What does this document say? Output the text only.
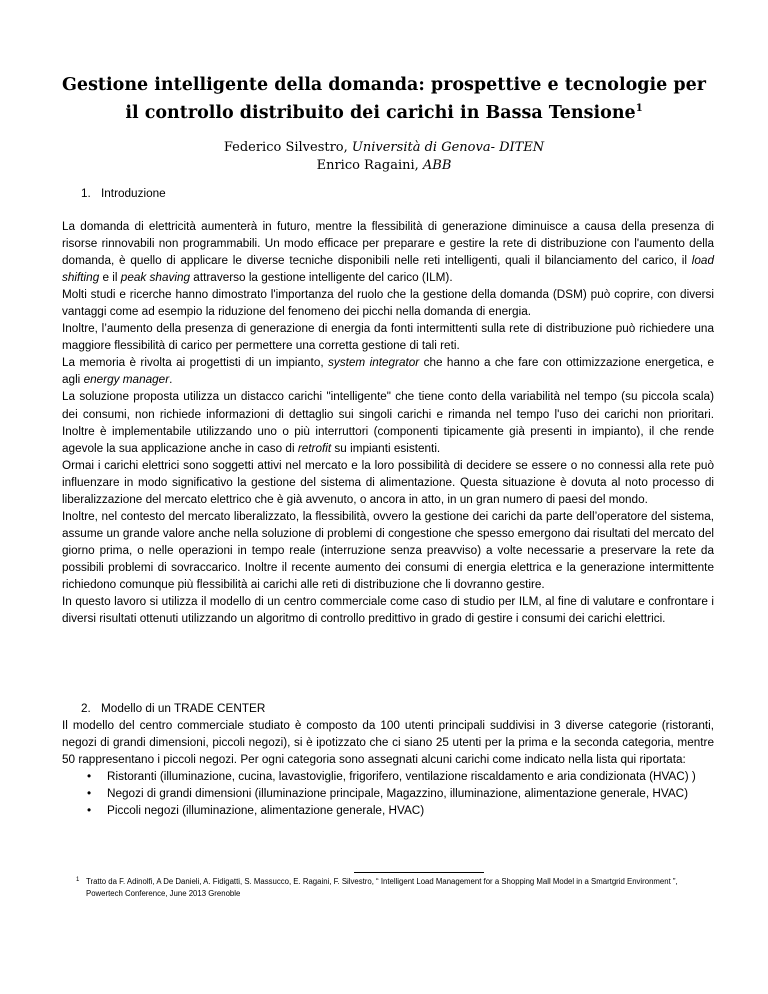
Gestione intelligente della domanda: prospettive e tecnologie per il controllo distribuito dei carichi in Bassa Tensione$^1$
Federico Silvestro, Università di Genova- DITEN
Enrico Ragaini, ABB
1. Introduzione

La domanda di elettricità aumenterà in futuro, mentre la flessibilità di generazione diminuisce a causa della presenza di risorse rinnovabili non programmabili. Un modo efficace per preparare e gestire la rete di distribuzione con l'aumento della domanda, è quello di applicare le diverse tecniche disponibili nelle reti intelligenti, quali il bilanciamento del carico, il load shifting e il peak shaving attraverso la gestione intelligente del carico (ILM).

Molti studi e ricerche hanno dimostrato l'importanza del ruolo che la gestione della domanda (DSM) può coprire, con diversi vantaggi come ad esempio la riduzione del fenomeno dei picchi nella domanda di energia.

Inoltre, l’aumento della presenza di generazione di energia da fonti intermittenti sulla rete di distribuzione può richiedere una maggiore flessibilità di carico per permettere una corretta gestione di tali reti.

La memoria è rivolta ai progettisti di un impianto, system integrator che hanno a che fare con ottimizzazione energetica, e agli energy manager.

La soluzione proposta utilizza un distacco carichi "intelligente" che tiene conto della variabilità nel tempo (su piccola scala) dei consumi, non richiede informazioni di dettaglio sui singoli carichi e rimanda nel tempo l'uso dei carichi non prioritari. Inoltre è implementabile utilizzando uno o più interruttori (componenti tipicamente già presenti in impianto), il che rende agevole la sua applicazione anche in caso di retrofit su impianti esistenti.

Ormai i carichi elettrici sono soggetti attivi nel mercato e la loro possibilità di decidere se essere o no connessi alla rete può influenzare in modo significativo la gestione del sistema di alimentazione. Questa situazione è dovuta al noto processo di liberalizzazione del mercato elettrico che è già avvenuto, o ancora in atto, in un gran numero di paesi del mondo.

Inoltre, nel contesto del mercato liberalizzato, la flessibilità, ovvero la gestione dei carichi da parte dell’operatore del sistema, assume un grande valore anche nella soluzione di problemi di congestione che spesso emergono dai risultati del mercato del giorno prima, o nelle operazioni in tempo reale (interruzione senza preavviso) a volte necessarie a preservare la rete da possibili problemi di sovraccarico. Inoltre il recente aumento dei consumi di energia elettrica e la generazione intermittente richiedono comunque più flessibilità ai carichi alle reti di distribuzione che li dovranno gestire.

In questo lavoro si utilizza il modello di un centro commerciale come caso di studio per ILM, al fine di valutare e confrontare i diversi risultati ottenuti utilizzando un algoritmo di controllo predittivo in grado di gestire i consumi dei carichi elettrici.

2. Modello di un TRADE CENTER

Il modello del centro commerciale studiato è composto da 100 utenti principali suddivisi in 3 diverse categorie (ristoranti, negozi di grandi dimensioni, piccoli negozi), si è ipotizzato che ci siano 25 utenti per la prima e la seconda categoria, mentre 50 rappresentano i piccoli negozi. Per ogni categoria sono assegnati alcuni carichi come indicato nella lista qui riportata:

• Ristoranti (illuminazione, cucina, lavastoviglie, frigorifero, ventilazione riscaldamento e aria condizionata (HVAC) )
• Negozi di grandi dimensioni (illuminazione principale, Magazzino, illuminazione, alimentazione generale, HVAC)
• Piccoli negozi (illuminazione, alimentazione generale, HVAC)
1 Tratto da F. Adinolfi, A De Danieli, A. Fidigatti, S. Massucco, E. Ragaini, F. Silvestro, “ Intelligent Load Management for a Shopping Mall Model in a Smartgrid Environment ”, Powertech Conference, June 2013 Grenoble
